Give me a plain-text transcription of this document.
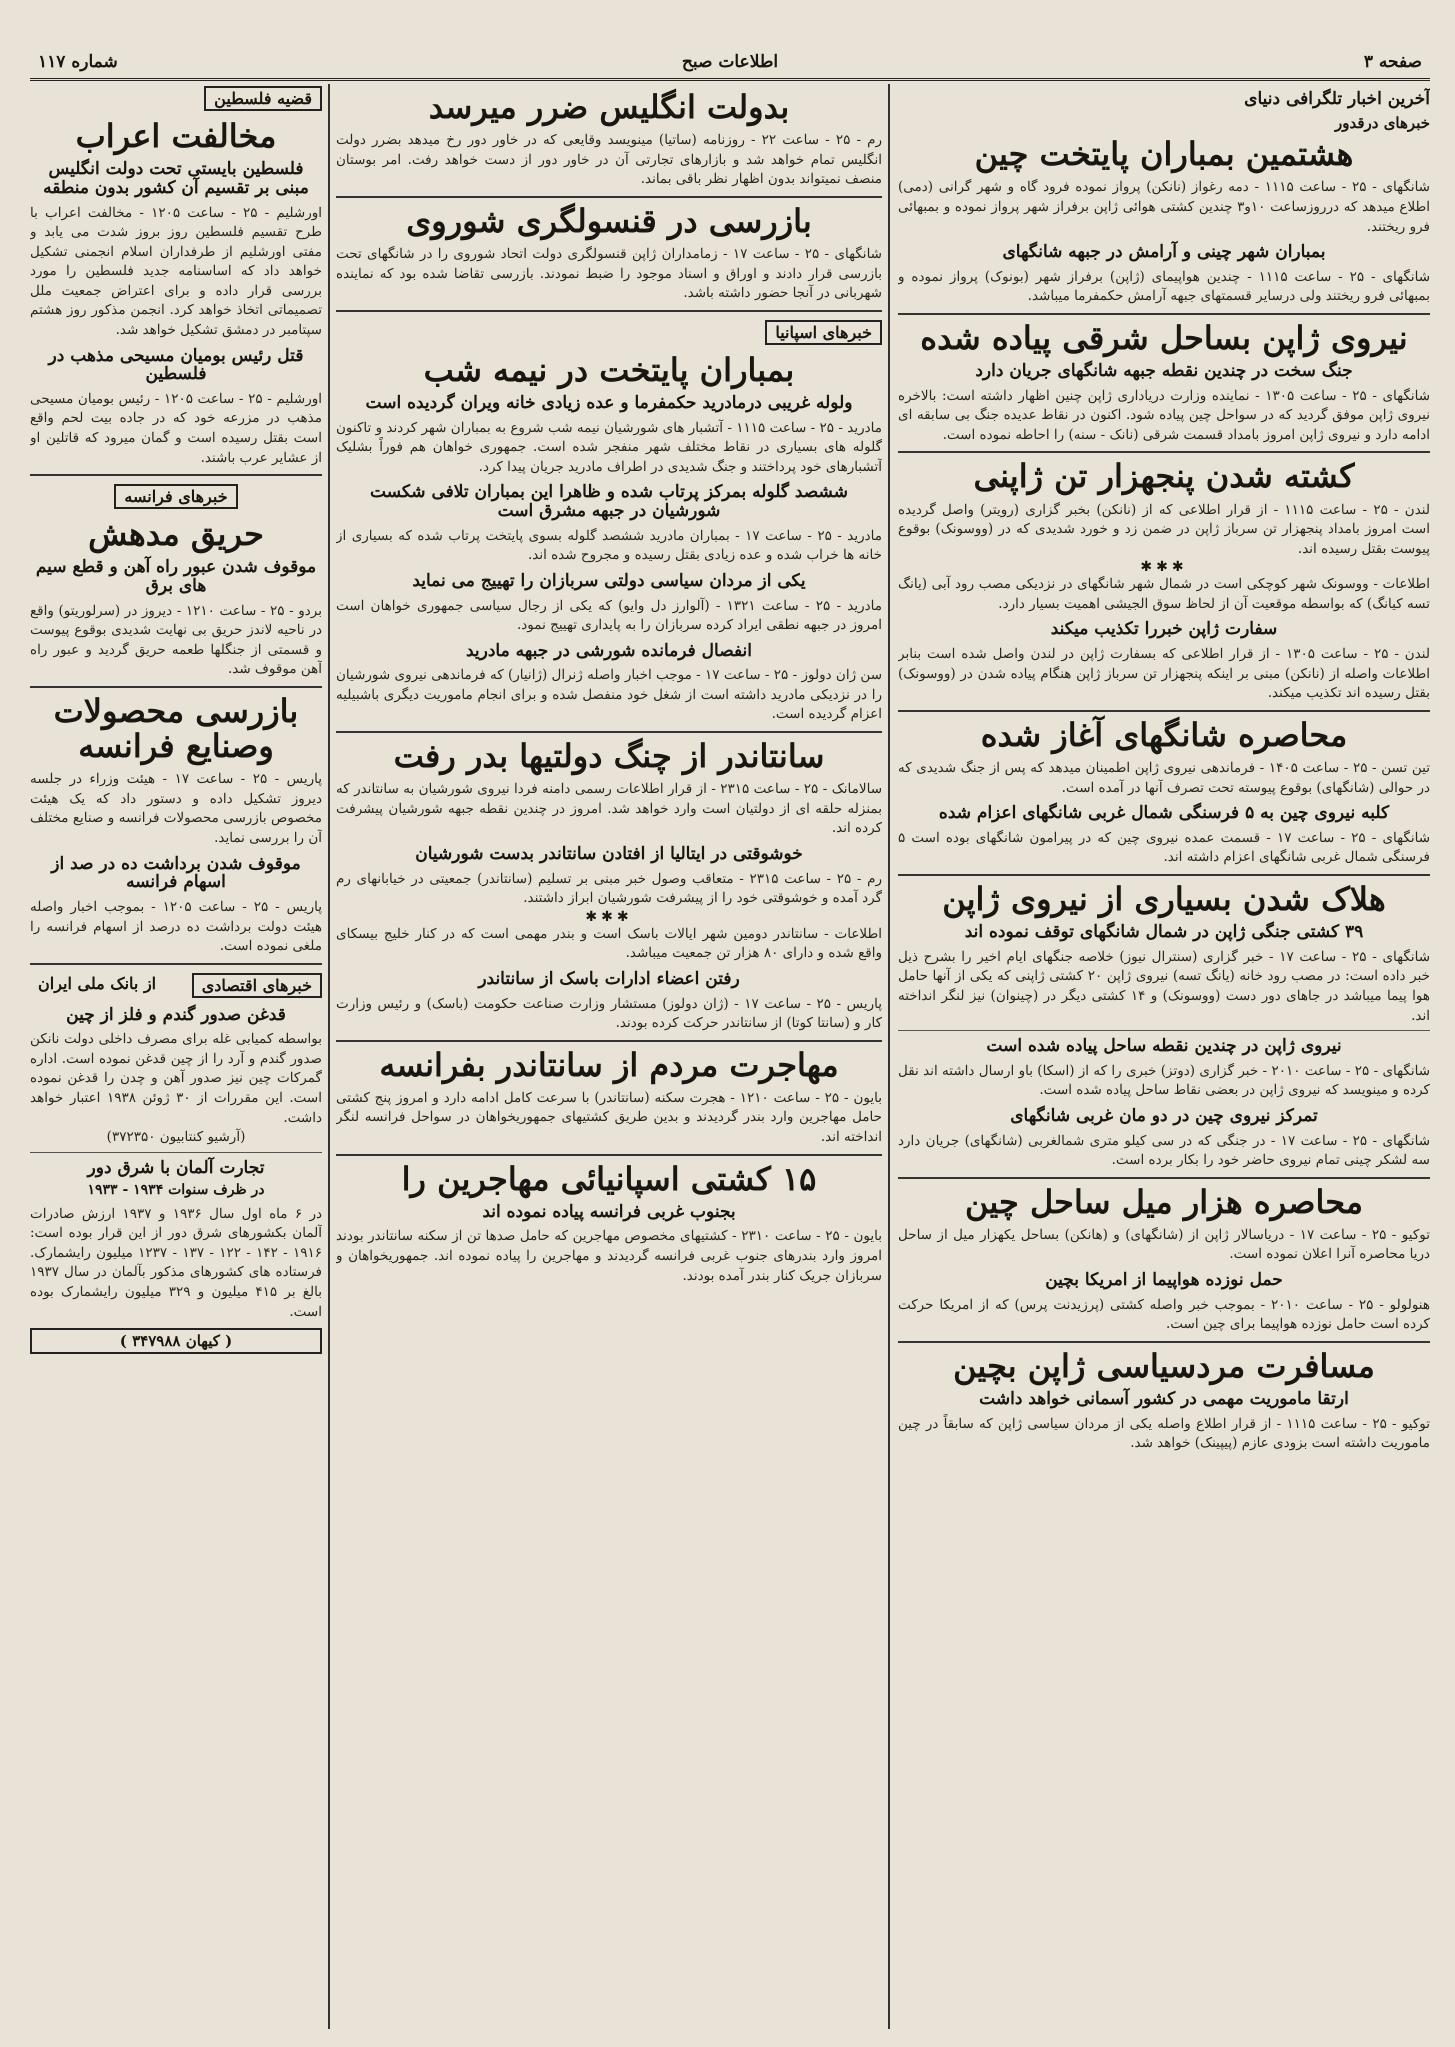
صفحه ۳
اطلاعات صبح
شماره ۱۱۷
آخرین اخبار تلگرافی دنیای
خبرهای درقدور
هشتمین بمباران پایتخت چین
شانگهای - ۲۵ - ساعت ۱۱۱۵ - دمه رغواز (نانکن) پرواز نموده فرود گاه و شهر گرانی (دمی) اطلاع میدهد که درروزساعت ۱۰و۳ چندین کشتی هوائی ژاپن برفراز شهر پرواز نموده و بمبهائی فرو ریختند.
بمباران شهر چینی و آرامش در جبهه شانگهای
شانگهای - ۲۵ - ساعت ۱۱۱۵ - چندین هواپیمای (ژاپن) برفراز شهر (بونوک) پرواز نموده و بمبهائی فرو ریختند ولی درسایر قسمتهای جبهه آرامش حکمفرما میباشد.
نیروی ژاپن بساحل شرقی پیاده شده
جنگ سخت در چندین نقطه جبهه شانگهای جریان دارد
شانگهای - ۲۵ - ساعت ۱۳۰۵ - نماینده وزارت دریاداری ژاپن چنین اظهار داشته است: بالاخره نیروی ژاپن موفق گردید که در سواحل چین پیاده شود. اکنون در نقاط عدیده جنگ بی سابقه ای ادامه دارد و نیروی ژاپن امروز بامداد قسمت شرقی (نانک - سنه) را احاطه نموده است.
کشته شدن پنجهزار تن ژاپنی
لندن - ۲۵ - ساعت ۱۱۱۵ - از قرار اطلاعی که از (نانکن) بخبر گزاری (رویتر) واصل گردیده است امروز بامداد پنجهزار تن سرباز ژاپن در ضمن زد و خورد شدیدی که در (ووسونک) بوقوع پیوست بقتل رسیده اند.
✱✱✱
اطلاعات - ووسونک شهر کوچکی است در شمال شهر شانگهای در نزدیکی مصب رود آبی (یانگ تسه کیانگ) که بواسطه موقعیت آن از لحاظ سوق الجیشی اهمیت بسیار دارد.
سفارت ژاپن خبررا تکذیب میکند
لندن - ۲۵ - ساعت ۱۳۰۵ - از قرار اطلاعی که بسفارت ژاپن در لندن واصل شده است بنابر اطلاعات واصله از (نانکن) مبنی بر اینکه پنجهزار تن سرباز ژاپن هنگام پیاده شدن در (ووسونک) بقتل رسیده اند تکذیب میکند.
محاصره شانگهای آغاز شده
تین تسن - ۲۵ - ساعت ۱۴۰۵ - فرماندهی نیروی ژاپن اطمینان میدهد که پس از جنگ شدیدی که در حوالی (شانگهای) بوقوع پیوسته تحت تصرف آنها در آمده است.
کلبه نیروی چین به ۵ فرسنگی شمال غربی شانگهای اعزام شده
شانگهای - ۲۵ - ساعت ۱۷ - قسمت عمده نیروی چین که در پیرامون شانگهای بوده است ۵ فرسنگی شمال غربی شانگهای اعزام داشته اند.
هلاک شدن بسیاری از نیروی ژاپن
۳۹ کشتی جنگی ژاپن در شمال شانگهای توقف نموده اند
شانگهای - ۲۵ - ساعت ۱۷ - خبر گزاری (سنترال نیوز) خلاصه جنگهای ایام اخیر را بشرح ذیل خبر داده است: در مصب رود خانه (یانگ تسه) نیروی ژاپن ۲۰ کشتی ژاپنی که یکی از آنها حامل هوا پیما میباشد در جاهای دور دست (ووسونک) و ۱۴ کشتی دیگر در (چینوان) نیز لنگر انداخته اند.
نیروی ژاپن در چندین نقطه ساحل پیاده شده است
شانگهای - ۲۵ - ساعت ۲۰۱۰ - خبر گزاری (دوتز) خبری را که از (اسکا) باو ارسال داشته اند نقل کرده و مینویسد که نیروی ژاپن در بعضی نقاط ساحل پیاده شده است.
تمرکز نیروی چین در دو مان غربی شانگهای
شانگهای - ۲۵ - ساعت ۱۷ - در جنگی که در سی کیلو متری شمالغربی (شانگهای) جریان دارد سه لشکر چینی تمام نیروی حاضر خود را بکار برده است.
محاصره هزار میل ساحل چین
توکیو - ۲۵ - ساعت ۱۷ - دریاسالار ژاپن از (شانگهای) و (هانکن) بساحل یکهزار میل از ساحل دریا محاصره آنرا اعلان نموده است.
حمل نوزده هواپیما از امریکا بچین
هنولولو - ۲۵ - ساعت ۲۰۱۰ - بموجب خبر واصله کشتی (پرزیدنت پرس) که از امریکا حرکت کرده است حامل نوزده هواپیما برای چین است.
مسافرت مردسیاسی ژاپن بچین
ارتقا ماموریت مهمی در کشور آسمانی خواهد داشت
توکیو - ۲۵ - ساعت ۱۱۱۵ - از قرار اطلاع واصله یکی از مردان سیاسی ژاپن که سابقاً در چین ماموریت داشته است بزودی عازم (پیپینک) خواهد شد.
بدولت انگلیس ضرر میرسد
رم - ۲۵ - ساعت ۲۲ - روزنامه (ساتیا) مینویسد وقایعی که در خاور دور رخ میدهد بضرر دولت انگلیس تمام خواهد شد و بازارهای تجارتی آن در خاور دور از دست خواهد رفت. امر بوستان منصف نمیتواند بدون اظهار نظر باقی بماند.
بازرسی در قنسولگری شوروی
شانگهای - ۲۵ - ساعت ۱۷ - زمامداران ژاپن قنسولگری دولت اتحاد شوروی را در شانگهای تحت بازرسی قرار دادند و اوراق و اسناد موجود را ضبط نمودند. بازرسی تقاضا شده بود که نماینده شهربانی در آنجا حضور داشته باشد.
خبرهای اسپانیا
بمباران پایتخت در نیمه شب
ولوله غریبی درمادرید حکمفرما و عده زیادی خانه ویران گردیده است
مادرید - ۲۵ - ساعت ۱۱۱۵ - آتشبار های شورشیان نیمه شب شروع به بمباران شهر کردند و تاکنون گلوله های بسیاری در نقاط مختلف شهر منفجر شده است. جمهوری خواهان هم فوراً بشلیک آتشبارهای خود پرداختند و جنگ شدیدی در اطراف مادرید جریان پیدا کرد.
ششصد گلوله بمرکز پرتاب شده و ظاهرا این بمباران تلافی شکست شورشیان در جبهه مشرق است
مادرید - ۲۵ - ساعت ۱۷ - بمباران مادرید ششصد گلوله بسوی پایتخت پرتاب شده که بسیاری از خانه ها خراب شده و عده زیادی بقتل رسیده و مجروح شده اند.
یکی از مردان سیاسی دولتی سربازان را تهییج می نماید
مادرید - ۲۵ - ساعت ۱۳۲۱ - (آلوارز دل وایو) که یکی از رجال سیاسی جمهوری خواهان است امروز در جبهه نطقی ایراد کرده سربازان را به پایداری تهییج نمود.
انفصال فرمانده شورشی در جبهه مادرید
سن ژان دولوز - ۲۵ - ساعت ۱۷ - موجب اخبار واصله ژنرال (ژانیار) که فرماندهی نیروی شورشیان را در نزدیکی مادرید داشته است از شغل خود منفصل شده و برای انجام ماموریت دیگری باشبیلیه اعزام گردیده است.
سانتاندر از چنگ دولتیها بدر رفت
سالامانک - ۲۵ - ساعت ۲۳۱۵ - از قرار اطلاعات رسمی دامنه فردا نیروی شورشیان به سانتاندر که بمنزله حلقه ای از دولتیان است وارد خواهد شد. امروز در چندین نقطه جبهه شورشیان پیشرفت کرده اند.
خوشوقتی در ایتالیا از افتادن سانتاندر بدست شورشیان
رم - ۲۵ - ساعت ۲۳۱۵ - متعاقب وصول خبر مبنی بر تسلیم (سانتاندر) جمعیتی در خیابانهای رم گرد آمده و خوشوقتی خود را از پیشرفت شورشیان ابراز داشتند.
✱✱✱
اطلاعات - سانتاندر دومین شهر ایالات باسک است و بندر مهمی است که در کنار خلیج بیسکای واقع شده و دارای ۸۰ هزار تن جمعیت میباشد.
رفتن اعضاء ادارات باسک از سانتاندر
پاریس - ۲۵ - ساعت ۱۷ - (ژان دولوز) مستشار وزارت صناعت حکومت (باسک) و رئیس وزارت کار و (سانتا کوتا) از سانتاندر حرکت کرده بودند.
مهاجرت مردم از سانتاندر بفرانسه
بایون - ۲۵ - ساعت ۱۲۱۰ - هجرت سکنه (سانتاندر) با سرعت کامل ادامه دارد و امروز پنج کشتی حامل مهاجرین وارد بندر گردیدند و بدین طریق کشتیهای جمهوریخواهان در سواحل فرانسه لنگر انداخته اند.
۱۵ کشتی اسپانیائی مهاجرین را
بجنوب غربی فرانسه پیاده نموده اند
بایون - ۲۵ - ساعت ۲۳۱۰ - کشتیهای مخصوص مهاجرین که حامل صدها تن از سکنه سانتاندر بودند امروز وارد بندرهای جنوب غربی فرانسه گردیدند و مهاجرین را پیاده نموده اند. جمهوریخواهان و سربازان جریک کنار بندر آمده بودند.
قضیه فلسطین
مخالفت اعراب
فلسطین بایستی تحت دولت انگلیس مبنی بر تقسیم آن کشور بدون منطقه
اورشلیم - ۲۵ - ساعت ۱۲۰۵ - مخالفت اعراب با طرح تقسیم فلسطین روز بروز شدت می یابد و مفتی اورشلیم از طرفداران اسلام انجمنی تشکیل خواهد داد که اساسنامه جدید فلسطین را مورد بررسی قرار داده و برای اعتراض جمعیت ملل تصمیماتی اتخاذ خواهد کرد. انجمن مذکور روز هشتم سپتامبر در دمشق تشکیل خواهد شد.
قتل رئیس بومیان مسیحی مذهب در فلسطین
اورشلیم - ۲۵ - ساعت ۱۲۰۵ - رئیس بومیان مسیحی مذهب در مزرعه خود که در جاده بیت لحم واقع است بقتل رسیده است و گمان میرود که قاتلین او از عشایر عرب باشند.
خبرهای فرانسه
حریق مدهش
موقوف شدن عبور راه آهن و قطع سیم های برق
بردو - ۲۵ - ساعت ۱۲۱۰ - دیروز در (سرلوریتو) واقع در ناحیه لاندز حریق بی نهایت شدیدی بوقوع پیوست و قسمتی از جنگلها طعمه حریق گردید و عبور راه آهن موقوف شد.
بازرسی محصولات وصنایع فرانسه
پاریس - ۲۵ - ساعت ۱۷ - هیئت وزراء در جلسه دیروز تشکیل داده و دستور داد که یک هیئت مخصوص بازرسی محصولات فرانسه و صنایع مختلف آن را بررسی نماید.
موقوف شدن برداشت ده در صد از اسهام فرانسه
پاریس - ۲۵ - ساعت ۱۲۰۵ - بموجب اخبار واصله هیئت دولت برداشت ده درصد از اسهام فرانسه را ملغی نموده است.
خبرهای اقتصادی
از بانک ملی ایران
قدغن صدور گندم و فلز از چین
بواسطه کمیابی غله برای مصرف داخلی دولت نانکن صدور گندم و آرد را از چین قدغن نموده است. اداره گمرکات چین نیز صدور آهن و چدن را قدغن نموده است. این مقررات از ۳۰ ژوئن ۱۹۳۸ اعتبار خواهد داشت.
(آرشیو کنتابیون ۳۷۲۳۵۰)
تجارت آلمان با شرق دور
در ظرف سنوات ۱۹۳۴ - ۱۹۳۳
در ۶ ماه اول سال ۱۹۳۶ و ۱۹۳۷ ارزش صادرات آلمان بکشورهای شرق دور از این قرار بوده است: ۱۹۱۶ - ۱۴۲ - ۱۲۲ - ۱۳۷ - ۱۲۳۷ میلیون رایشمارک. فرستاده های کشورهای مذکور بآلمان در سال ۱۹۳۷ بالغ بر ۴۱۵ میلیون و ۳۲۹ میلیون رایشمارک بوده است.
( کیهان ۳۴۷۹۸۸ )
